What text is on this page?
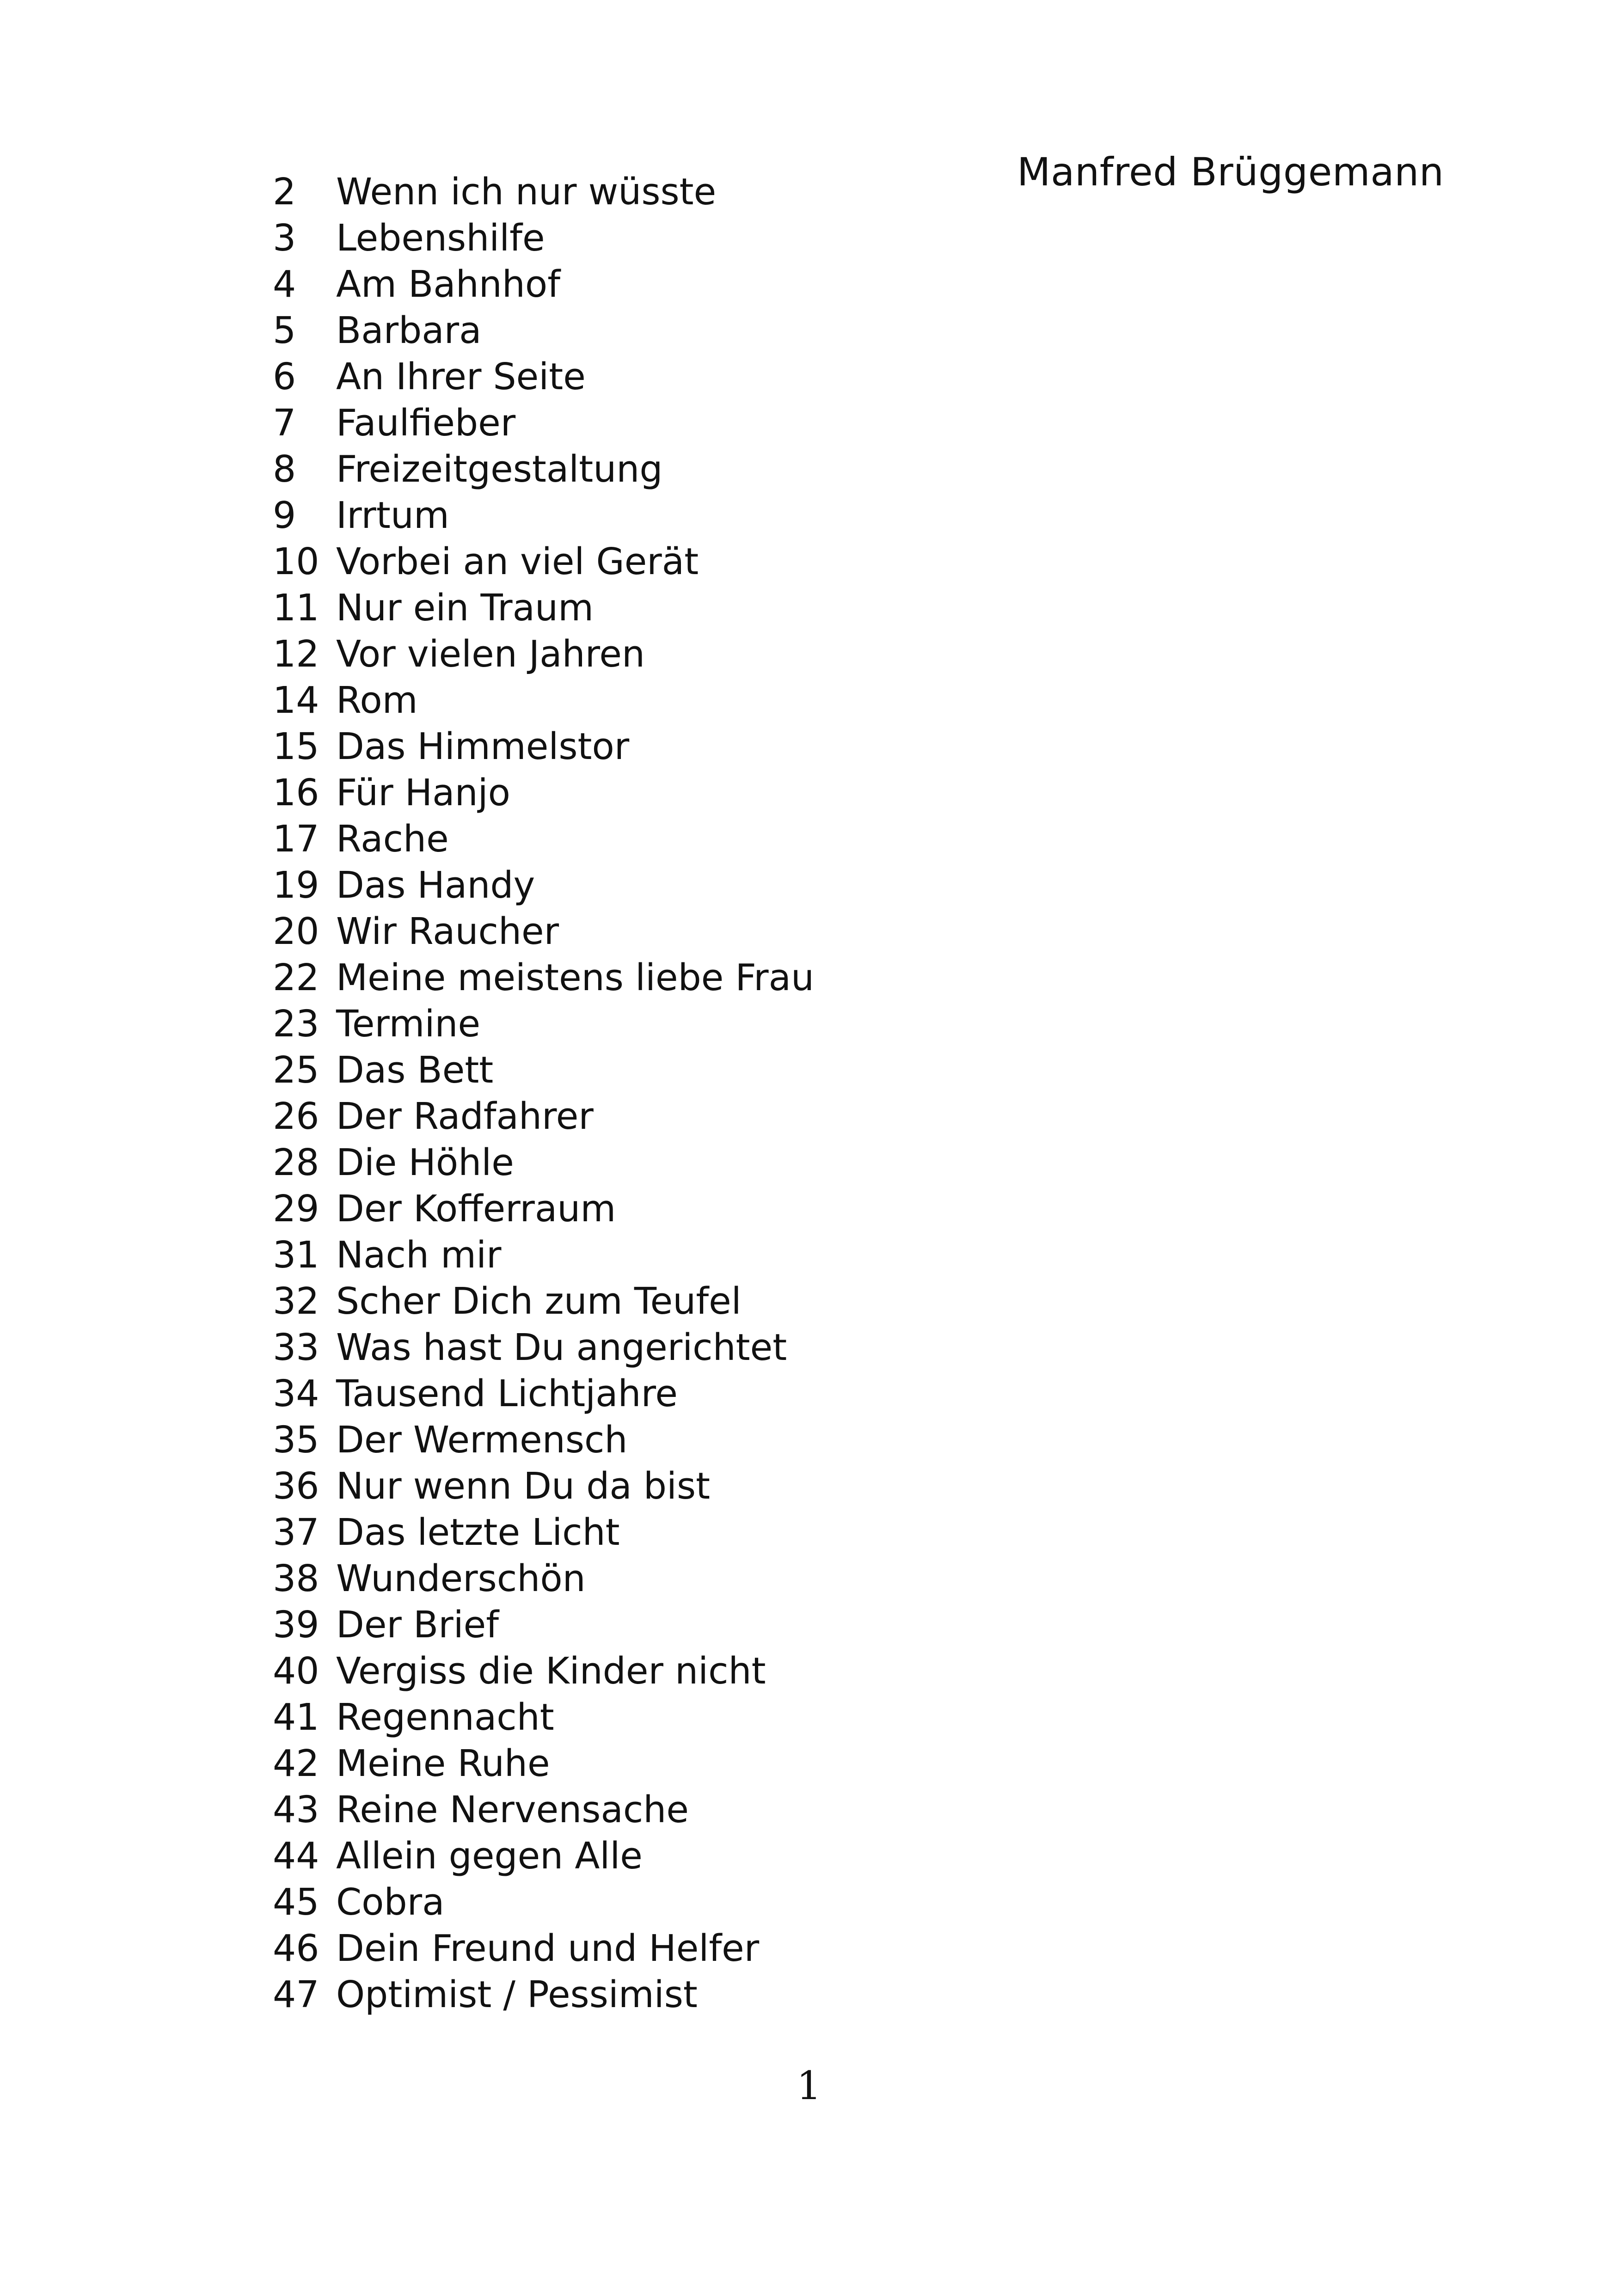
Manfred Brüggemann
2	Wenn ich nur wüsste
3	Lebenshilfe
4	Am Bahnhof
5	Barbara
6	An Ihrer Seite
7	Faulfieber
8	Freizeitgestaltung
9	Irrtum
10 Vorbei an viel Gerät
11 Nur ein Traum
12 Vor vielen Jahren
14 Rom
15 Das Himmelstor
16 Für Hanjo
17 Rache
19 Das Handy
20 Wir Raucher
22 Meine meistens liebe Frau
23 Termine
25 Das Bett
26 Der Radfahrer
28 Die Höhle
29 Der Kofferraum
31 Nach mir
32 Scher Dich zum Teufel
33 Was hast Du angerichtet
34 Tausend Lichtjahre
35 Der Wermensch
36 Nur wenn Du da bist
37 Das letzte Licht
38 Wunderschön
39 Der Brief
40 Vergiss die Kinder nicht
41 Regennacht
42 Meine Ruhe
43 Reine Nervensache
44 Allein gegen Alle
45 Cobra
46 Dein Freund und Helfer
47 Optimist / Pessimist
1
